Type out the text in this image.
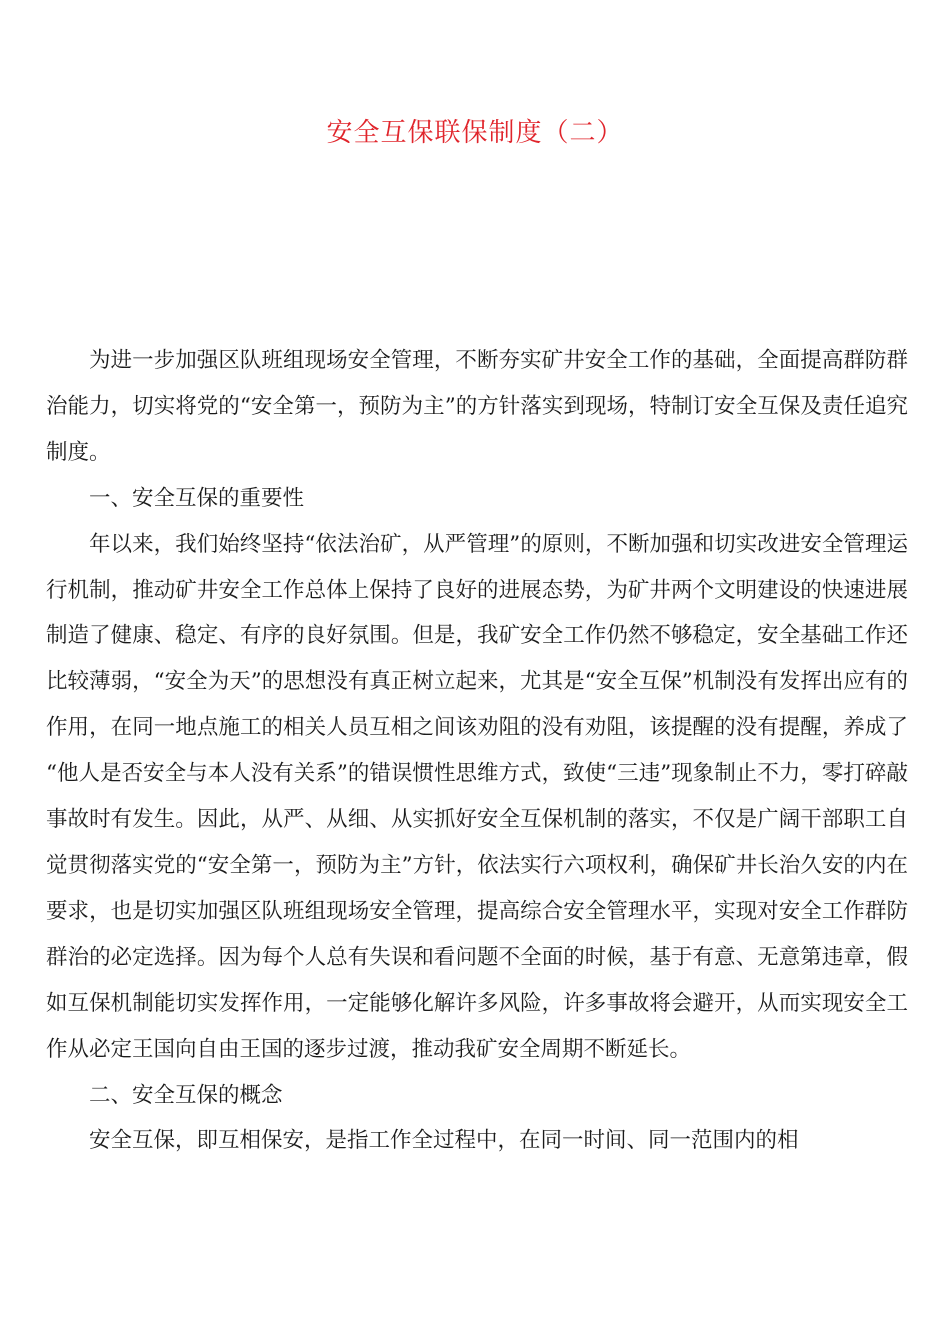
安全互保联保制度（二）

为进一步加强区队班组现场安全管理，不断夯实矿井安全工作的基础，全面提高群防群治能力，切实将党的“安全第一，预防为主”的方针落实到现场，特制订安全互保及责任追究制度。

一、安全互保的重要性

年以来，我们始终坚持“依法治矿，从严管理”的原则，不断加强和切实改进安全管理运行机制，推动矿井安全工作总体上保持了良好的进展态势，为矿井两个文明建设的快速进展制造了健康、稳定、有序的良好氛围。但是，我矿安全工作仍然不够稳定，安全基础工作还比较薄弱，“安全为天”的思想没有真正树立起来，尤其是“安全互保”机制没有发挥出应有的作用，在同一地点施工的相关人员互相之间该劝阻的没有劝阻，该提醒的没有提醒，养成了 “他人是否安全与本人没有关系”的错误惯性思维方式，致使“三违”现象制止不力，零打碎敲事故时有发生。因此，从严、从细、从实抓好安全互保机制的落实，不仅是广阔干部职工自觉贯彻落实党的“安全第一，预防为主”方针，依法实行六项权利，确保矿井长治久安的内在要求，也是切实加强区队班组现场安全管理，提高综合安全管理水平，实现对安全工作群防群治的必定选择。因为每个人总有失误和看问题不全面的时候，基于有意、无意第违章，假如互保机制能切实发挥作用，一定能够化解许多风险，许多事故将会避开，从而实现安全工作从必定王国向自由王国的逐步过渡，推动我矿安全周期不断延长。

二、安全互保的概念

安全互保，即互相保安，是指工作全过程中，在同一时间、同一范围内的相
